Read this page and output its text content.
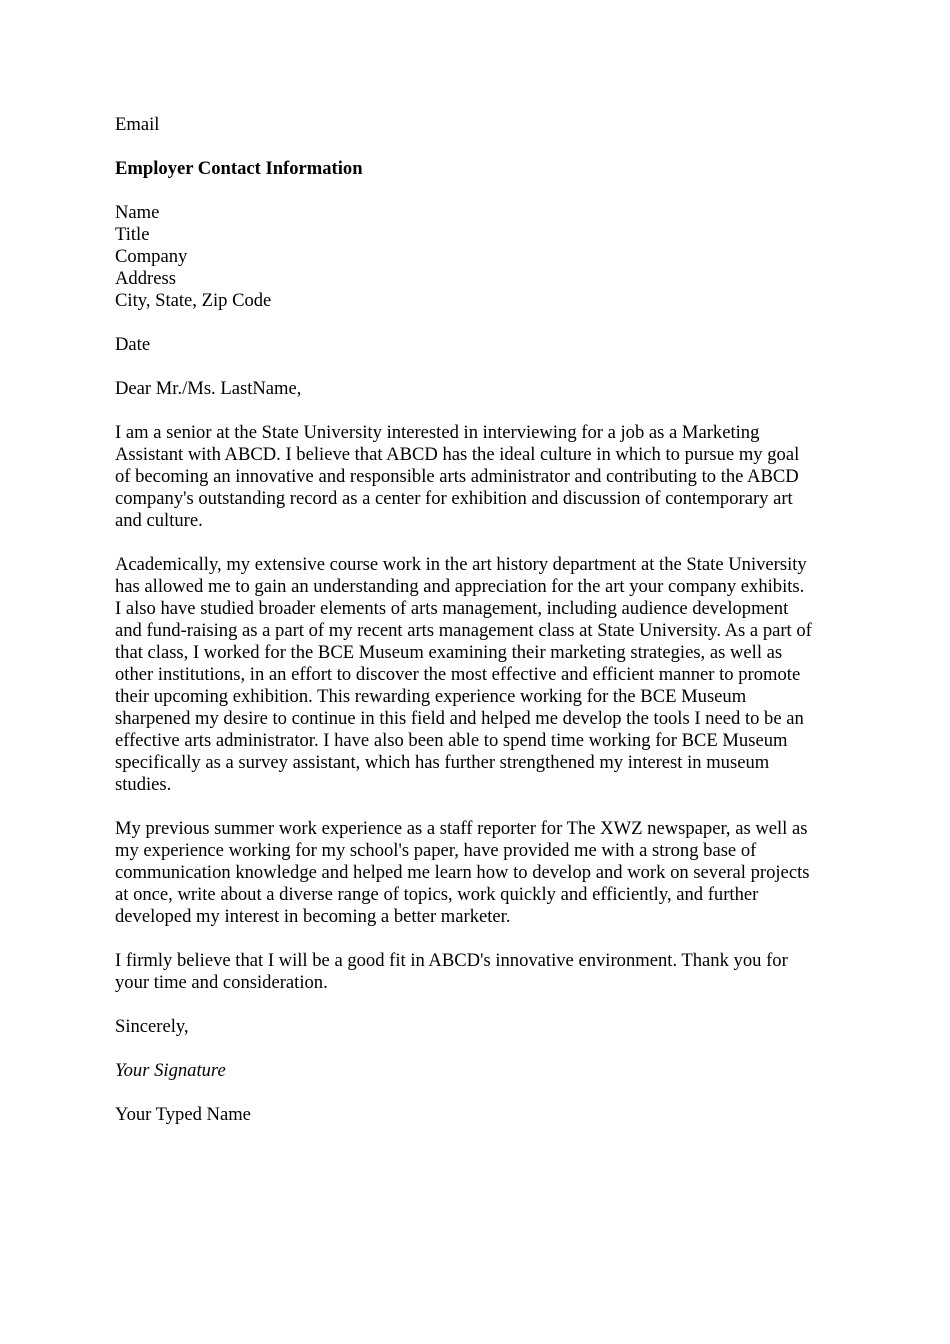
Email
Employer Contact Information
Name
Title
Company
Address
City, State, Zip Code
Date
Dear Mr./Ms. LastName,
I am a senior at the State University interested in interviewing for a job as a Marketing
Assistant with ABCD. I believe that ABCD has the ideal culture in which to pursue my goal
of becoming an innovative and responsible arts administrator and contributing to the ABCD
company's outstanding record as a center for exhibition and discussion of contemporary art
and culture.
Academically, my extensive course work in the art history department at the State University
has allowed me to gain an understanding and appreciation for the art your company exhibits.
I also have studied broader elements of arts management, including audience development
and fund-raising as a part of my recent arts management class at State University. As a part of
that class, I worked for the BCE Museum examining their marketing strategies, as well as
other institutions, in an effort to discover the most effective and efficient manner to promote
their upcoming exhibition. This rewarding experience working for the BCE Museum
sharpened my desire to continue in this field and helped me develop the tools I need to be an
effective arts administrator. I have also been able to spend time working for BCE Museum
specifically as a survey assistant, which has further strengthened my interest in museum
studies.
My previous summer work experience as a staff reporter for The XWZ newspaper, as well as
my experience working for my school's paper, have provided me with a strong base of
communication knowledge and helped me learn how to develop and work on several projects
at once, write about a diverse range of topics, work quickly and efficiently, and further
developed my interest in becoming a better marketer.
I firmly believe that I will be a good fit in ABCD's innovative environment. Thank you for
your time and consideration.
Sincerely,
Your Signature
Your Typed Name
